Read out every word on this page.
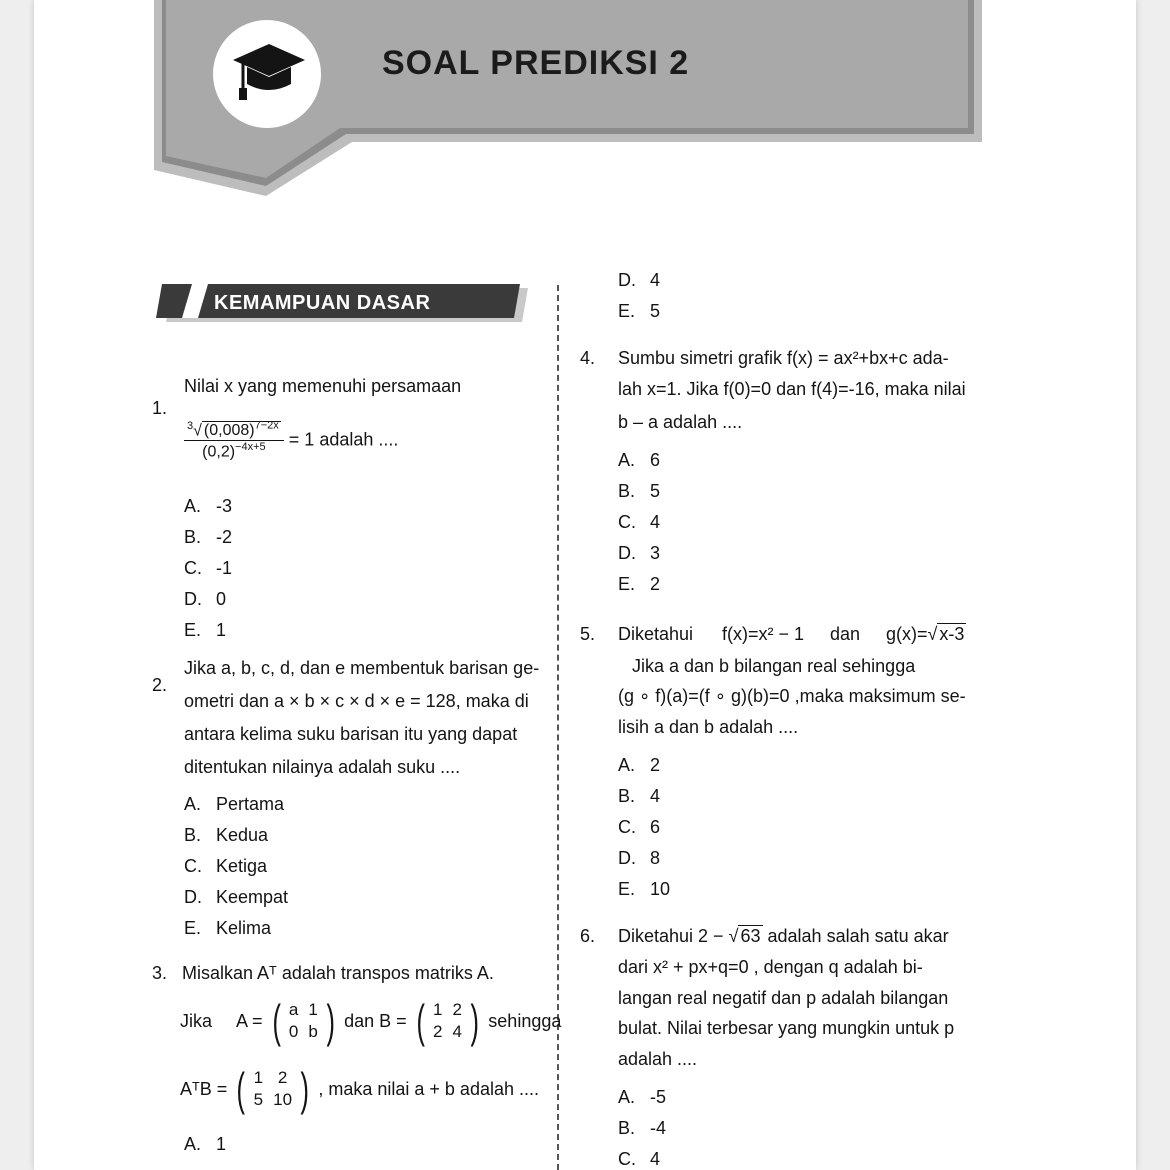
SOAL PREDIKSI 2
KEMAMPUAN DASAR
1.
Nilai x yang memenuhi persamaan
$\frac{^3√ (0,008)^{7-2x}}{(0,2)^{-4x+5}} = 1$ adalah ....
A. -3
B. -2
C. -1
D. 0
E. 1
2.
Jika a, b, c, d, dan e membentuk barisan ge-
ometri dan a × b × c × d × e = 128, maka di
antara kelima suku barisan itu yang dapat
ditentukan nilainya adalah suku ....
A. Pertama
B. Kedua
C. Ketiga
D. Keempat
E. Kelima
3. Misalkan Aᵀ adalah transpos matriks A.
Jika A = ( a	1
0	b ) dan B = ( 1	2
2	4 ) sehingga
AᵀB = ( 1	2
5	10 ) , maka nilai a + b adalah ....
A. 1
D. 4
E. 5
4. Sumbu simetri grafik f(x) = ax²+bx+c ada-
lah x=1. Jika f(0)=0 dan f(4)=-16, maka nilai
b – a adalah ....
A. 6
B. 5
C. 4
D. 3
E. 2
5. Diketahui f(x)=x² − 1 dan g(x)=√ x-3
Jika a dan b bilangan real sehingga
(g ∘ f)(a)=(f ∘ g)(b)=0 ,maka maksimum se-
lisih a dan b adalah ....
A. 2
B. 4
C. 6
D. 8
E. 10
6. Diketahui 2 − √ 63 adalah salah satu akar
dari x² + px+q=0 , dengan q adalah bi-
langan real negatif dan p adalah bilangan
bulat. Nilai terbesar yang mungkin untuk p
adalah ....
A. -5
B. -4
C. 4
